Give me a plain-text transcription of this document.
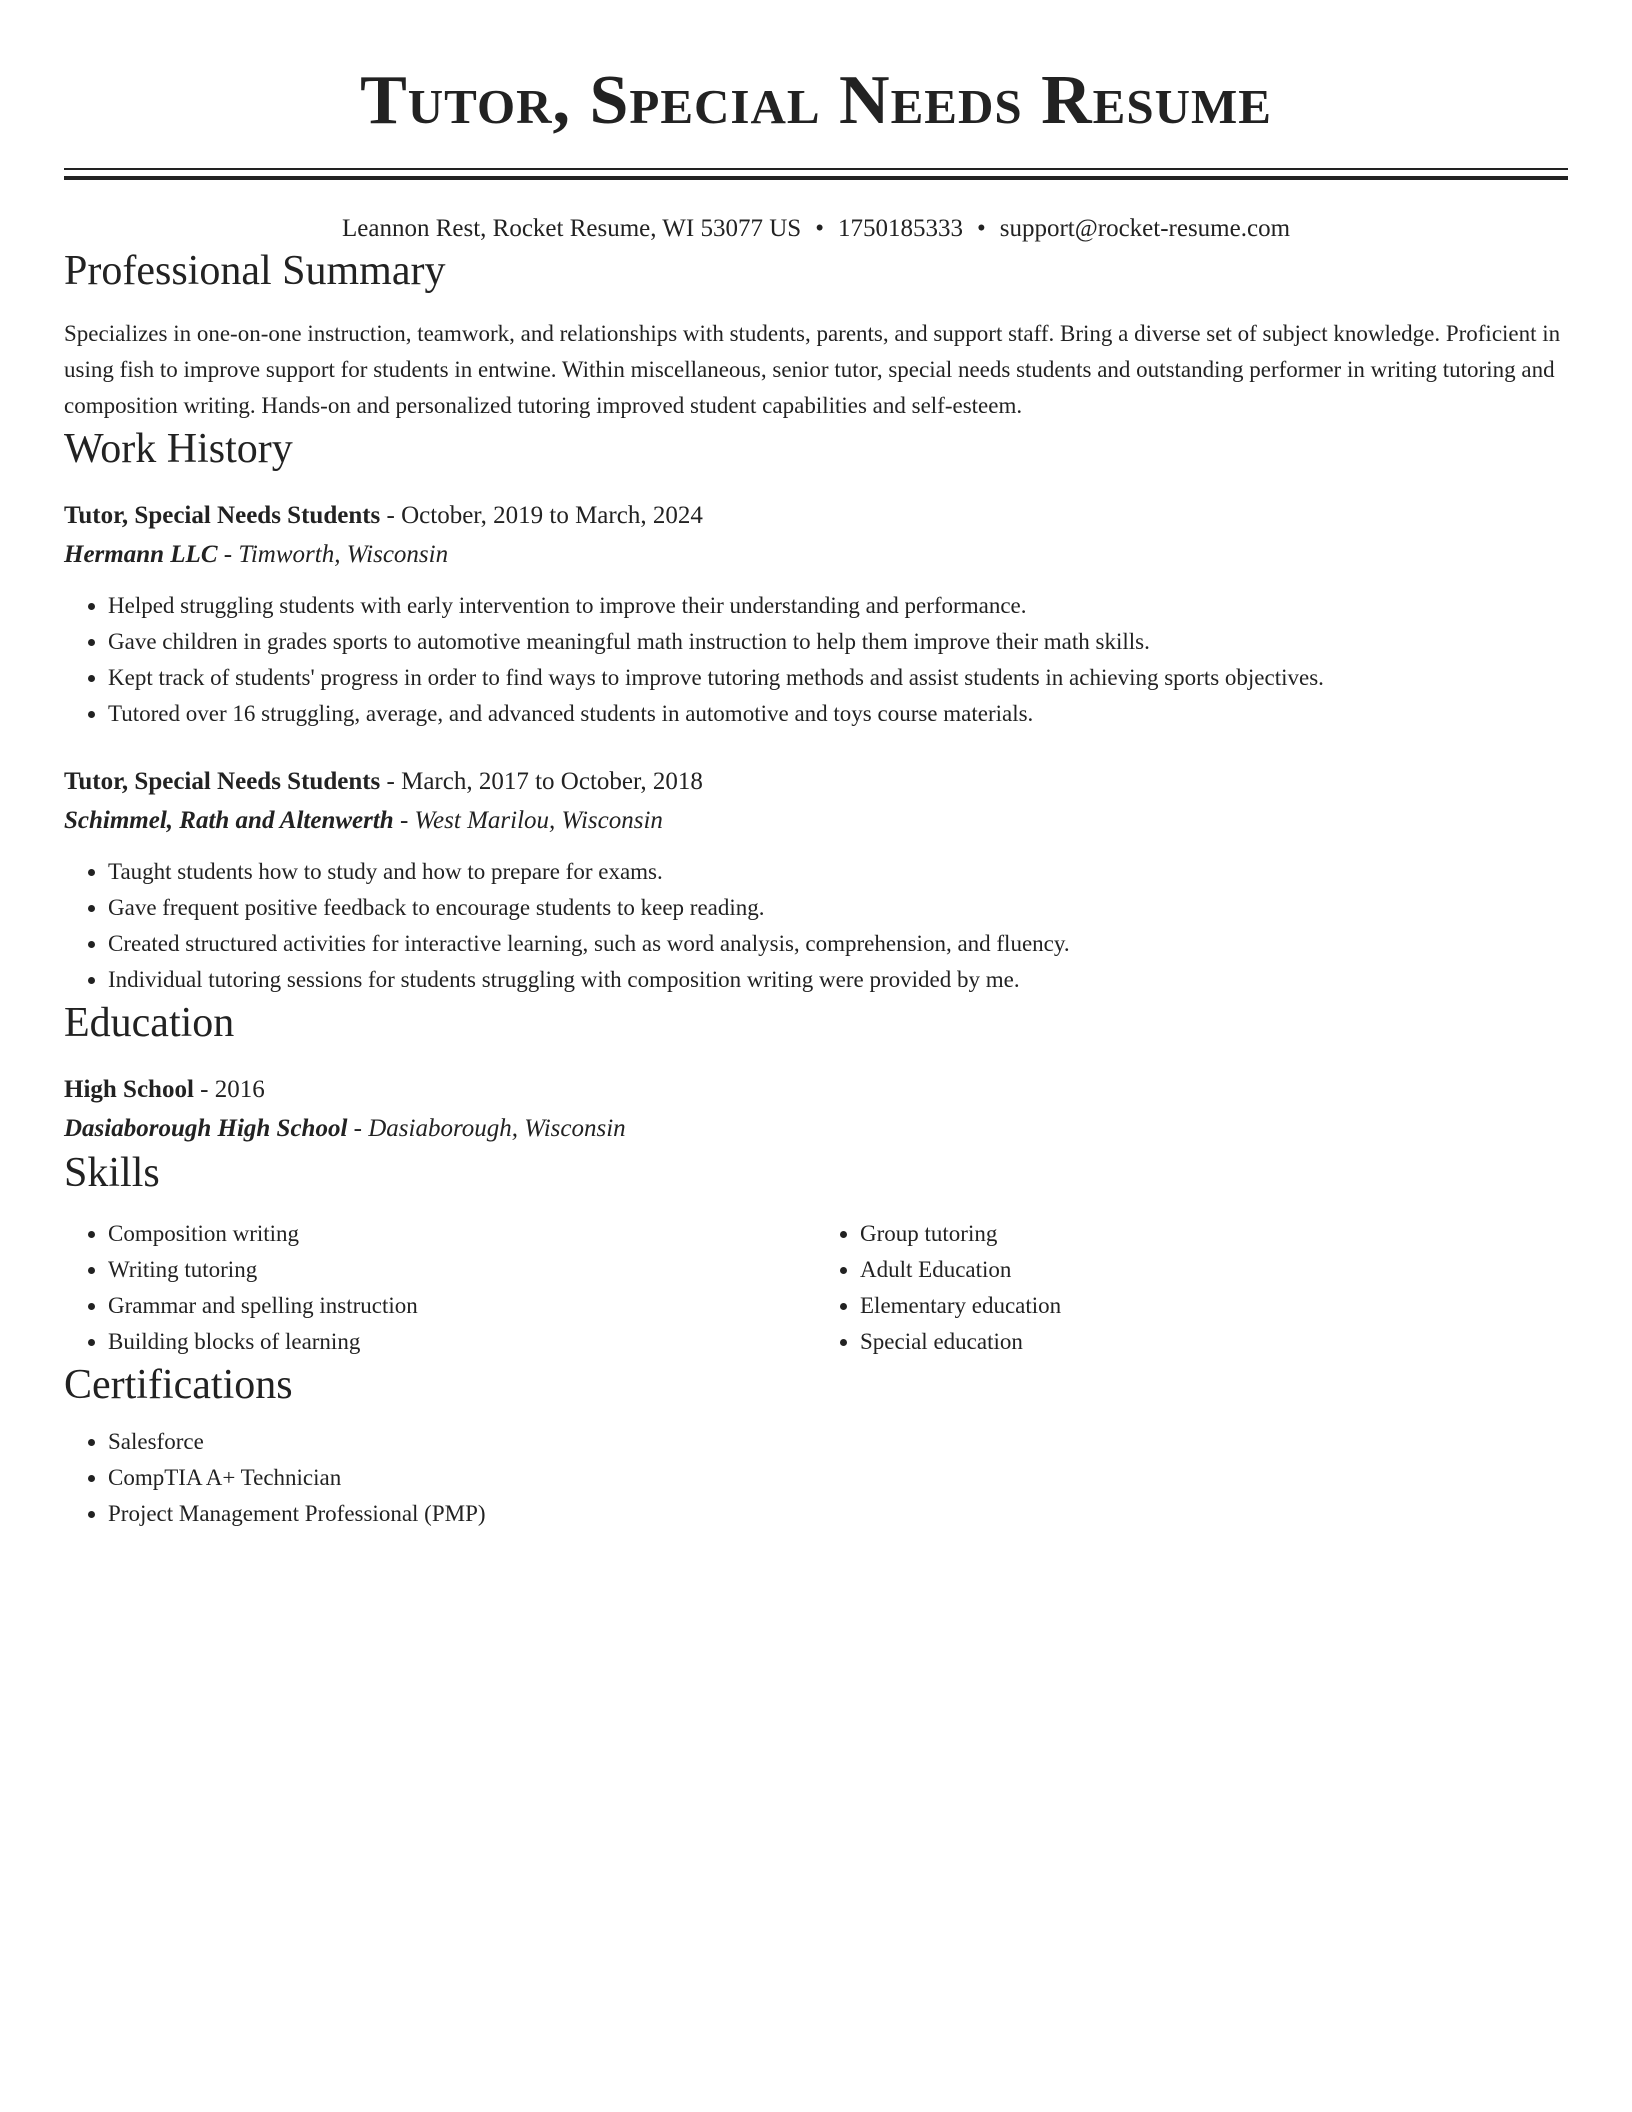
Tutor, Special Needs Resume
Leannon Rest, Rocket Resume, WI 53077 US • 1750185333 • support@rocket-resume.com
Professional Summary

Specializes in one-on-one instruction, teamwork, and relationships with students, parents, and support staff. Bring a diverse set of subject knowledge. Proficient in using fish to improve support for students in entwine. Within miscellaneous, senior tutor, special needs students and outstanding performer in writing tutoring and composition writing. Hands-on and personalized tutoring improved student capabilities and self-esteem.

Work History
Tutor, Special Needs Students - October, 2019 to March, 2024
Hermann LLC - Timworth, Wisconsin
• Helped struggling students with early intervention to improve their understanding and performance.
• Gave children in grades sports to automotive meaningful math instruction to help them improve their math skills.
• Kept track of students' progress in order to find ways to improve tutoring methods and assist students in achieving sports objectives.
• Tutored over 16 struggling, average, and advanced students in automotive and toys course materials.
Tutor, Special Needs Students - March, 2017 to October, 2018
Schimmel, Rath and Altenwerth - West Marilou, Wisconsin
• Taught students how to study and how to prepare for exams.
• Gave frequent positive feedback to encourage students to keep reading.
• Created structured activities for interactive learning, such as word analysis, comprehension, and fluency.
• Individual tutoring sessions for students struggling with composition writing were provided by me.
Education
High School - 2016
Dasiaborough High School - Dasiaborough, Wisconsin
Skills
• Composition writing
• Writing tutoring
• Grammar and spelling instruction
• Building blocks of learning
• Group tutoring
• Adult Education
• Elementary education
• Special education
Certifications
• Salesforce
• CompTIA A+ Technician
• Project Management Professional (PMP)
